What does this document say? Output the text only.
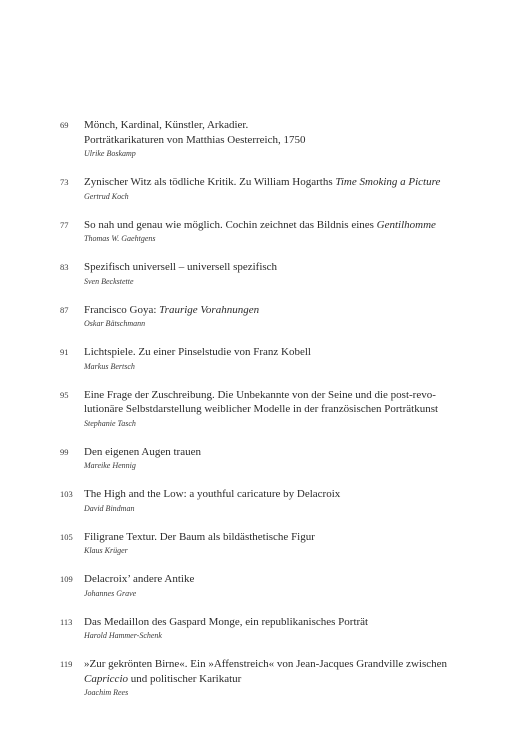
69 Mönch, Kardinal, Künstler, Arkadier.
Porträtkarikaturen von Matthias Oesterreich, 1750
Ulrike Boskamp
73 Zynischer Witz als tödliche Kritik. Zu William Hogarths Time Smoking a Picture
Gertrud Koch
77 So nah und genau wie möglich. Cochin zeichnet das Bildnis eines Gentilhomme
Thomas W. Gaehtgens
83 Spezifisch universell – universell spezifisch
Sven Beckstette
87 Francisco Goya: Traurige Vorahnungen
Oskar Bätschmann
91 Lichtspiele. Zu einer Pinselstudie von Franz Kobell
Markus Bertsch
95 Eine Frage der Zuschreibung. Die Unbekannte von der Seine und die post-revo-
lutionäre Selbstdarstellung weiblicher Modelle in der französischen Porträtkunst
Stephanie Tasch
99 Den eigenen Augen trauen
Mareike Hennig
103 The High and the Low: a youthful caricature by Delacroix
David Bindman
105 Filigrane Textur. Der Baum als bildästhetische Figur
Klaus Krüger
109 Delacroix’ andere Antike
Johannes Grave
113 Das Medaillon des Gaspard Monge, ein republikanisches Porträt
Harold Hammer-Schenk
119 »Zur gekrönten Birne«. Ein »Affenstreich« von Jean-Jacques Grandville zwischen
Capriccio und politischer Karikatur
Joachim Rees
